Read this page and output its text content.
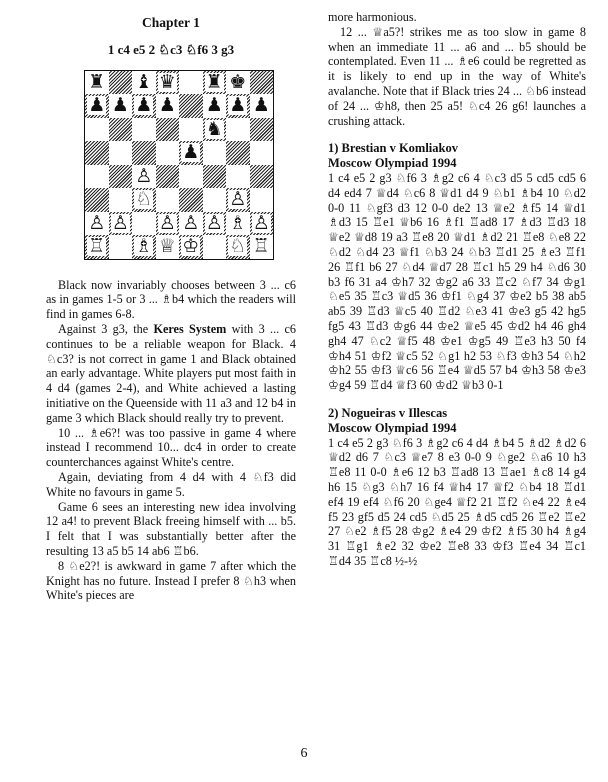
Chapter 1
1 c4 e5 2 ♘c3 ♘f6 3 g3
♜ ♝ ♛ ♜ ♚
♟ ♟ ♟ ♟ ♟ ♟ ♟
♞
♟
♙
♘	♙
♙ ♙ ♙ ♙ ♙ ♗ ♙
♖ ♗ ♕ ♔ ♘ ♖

Black now invariably chooses between 3 ... c6 as in games 1-5 or 3 ... ♗b4 which the readers will find in games 6-8.

Against 3 g3, the Keres System with 3 ... c6 continues to be a reliable weapon for Black. 4 ♘c3? is not correct in game 1 and Black obtained an early advantage. White players put most faith in 4 d4 (games 2-4), and White achieved a lasting initiative on the Queenside with 11 a3 and 12 b4 in game 3 which Black should really try to prevent.

10 ... ♗e6?! was too passive in game 4 where instead I recommend 10... dc4 in order to create counterchances against White's centre.

Again, deviating from 4 d4 with 4 ♘f3 did White no favours in game 5.

Game 6 sees an interesting new idea involving 12 a4! to prevent Black freeing himself with ... b5. I felt that I was substantially better after the resulting 13 a5 b5 14 ab6 ♖b6.

8 ♘e2?! is awkward in game 7 after which the Knight has no future. Instead I prefer 8 ♘h3 when White's pieces are

more harmonious.

12 ... ♕a5?! strikes me as too slow in game 8 when an immediate 11 ... a6 and ... b5 should be contemplated. Even 11 ... ♗e6 could be regretted as it is likely to end up in the way of White's avalanche. Note that if Black tries 24 ... ♘b6 instead of 24 ... ♔h8, then 25 a5! ♘c4 26 g6! launches a crushing attack.

1) Brestian v Komliakov
Moscow Olympiad 1994

1 c4 e5 2 g3 ♘f6 3 ♗g2 c6 4 ♘c3 d5 5 cd5 cd5 6 d4 ed4 7 ♕d4 ♘c6 8 ♕d1 d4 9 ♘b1 ♗b4 10 ♘d2 0-0 11 ♘gf3 d3 12 0-0 de2 13 ♕e2 ♗f5 14 ♕d1 ♗d3 15 ♖e1 ♕b6 16 ♗f1 ♖ad8 17 ♗d3 ♖d3 18 ♕e2 ♕d8 19 a3 ♖e8 20 ♕d1 ♗d2 21 ♖e8 ♘e8 22 ♘d2 ♘d4 23 ♕f1 ♘b3 24 ♘b3 ♖d1 25 ♗e3 ♖f1 26 ♖f1 b6 27 ♘d4 ♕d7 28 ♖c1 h5 29 h4 ♘d6 30 b3 f6 31 a4 ♔h7 32 ♔g2 a6 33 ♖c2 ♘f7 34 ♔g1 ♘e5 35 ♖c3 ♕d5 36 ♔f1 ♘g4 37 ♔e2 b5 38 ab5 ab5 39 ♖d3 ♕c5 40 ♖d2 ♘e3 41 ♔e3 g5 42 hg5 fg5 43 ♖d3 ♔g6 44 ♔e2 ♕e5 45 ♔d2 h4 46 gh4 gh4 47 ♘c2 ♕f5 48 ♔e1 ♔g5 49 ♖e3 h3 50 f4 ♔h4 51 ♔f2 ♕c5 52 ♘g1 h2 53 ♘f3 ♔h3 54 ♘h2 ♔h2 55 ♔f3 ♕c6 56 ♖e4 ♕d5 57 b4 ♔h3 58 ♔e3 ♔g4 59 ♖d4 ♕f3 60 ♔d2 ♕b3 0-1

2) Nogueiras v Illescas
Moscow Olympiad 1994

1 c4 e5 2 g3 ♘f6 3 ♗g2 c6 4 d4 ♗b4 5 ♗d2 ♗d2 6 ♕d2 d6 7 ♘c3 ♕e7 8 e3 0-0 9 ♘ge2 ♘a6 10 h3 ♖e8 11 0-0 ♗e6 12 b3 ♖ad8 13 ♖ae1 ♗c8 14 g4 h6 15 ♘g3 ♘h7 16 f4 ♕h4 17 ♕f2 ♘b4 18 ♖d1 ef4 19 ef4 ♘f6 20 ♘ge4 ♕f2 21 ♖f2 ♘e4 22 ♗e4 f5 23 gf5 d5 24 cd5 ♘d5 25 ♗d5 cd5 26 ♖e2 ♖e2 27 ♘e2 ♗f5 28 ♔g2 ♗e4 29 ♔f2 ♗f5 30 h4 ♗g4 31 ♖g1 ♗e2 32 ♔e2 ♖e8 33 ♔f3 ♖e4 34 ♖c1 ♖d4 35 ♖c8 ½-½

6
